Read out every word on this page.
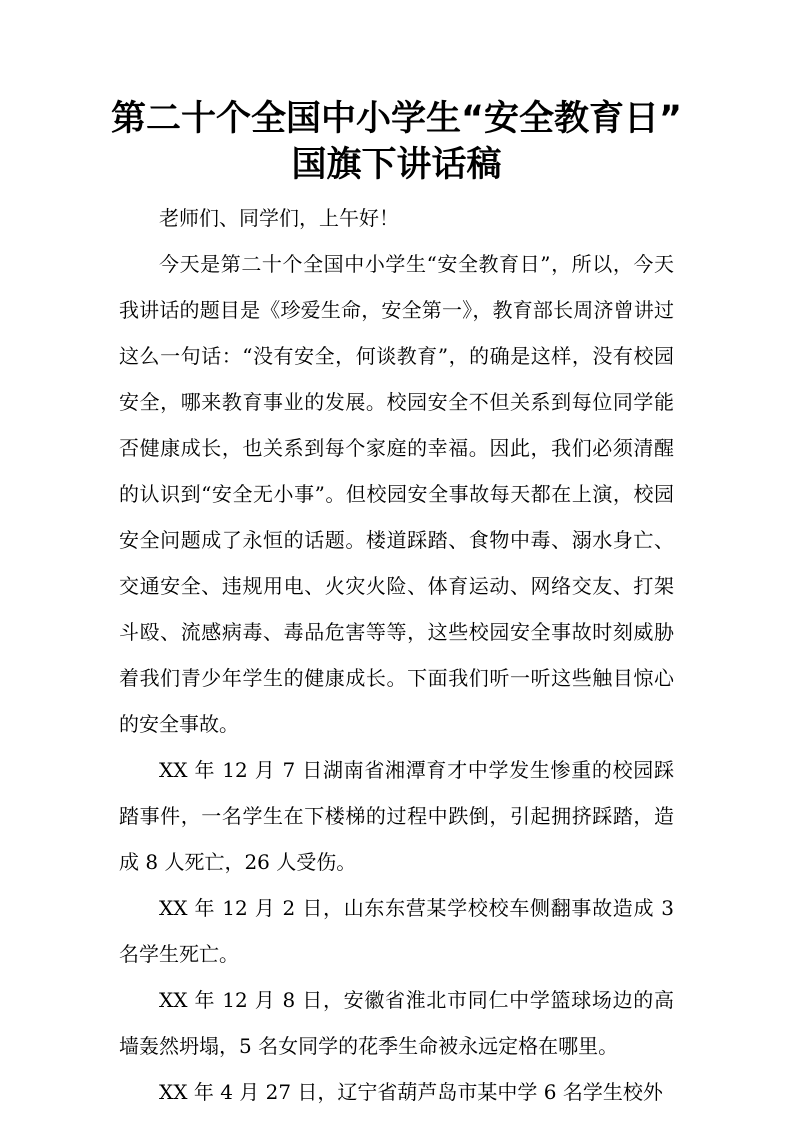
第二十个全国中小学生“安全教育日”
国旗下讲话稿

老师们、同学们，上午好！

今天是第二十个全国中小学生“安全教育日”，所以，今天我讲话的题目是《珍爱生命，安全第一》，教育部长周济曾讲过这么一句话：“没有安全，何谈教育”，的确是这样，没有校园安全，哪来教育事业的发展。校园安全不但关系到每位同学能否健康成长，也关系到每个家庭的幸福。因此，我们必须清醒的认识到“安全无小事”。但校园安全事故每天都在上演，校园安全问题成了永恒的话题。楼道踩踏、食物中毒、溺水身亡、交通安全、违规用电、火灾火险、体育运动、网络交友、打架斗殴、流感病毒、毒品危害等等，这些校园安全事故时刻威胁着我们青少年学生的健康成长。下面我们听一听这些触目惊心的安全事故。

XX 年 12 月 7 日湖南省湘潭育才中学发生惨重的校园踩踏事件，一名学生在下楼梯的过程中跌倒，引起拥挤踩踏，造成 8 人死亡，26 人受伤。

XX 年 12 月 2 日，山东东营某学校校车侧翻事故造成 3 名学生死亡。

XX 年 12 月 8 日，安徽省淮北市同仁中学篮球场边的高墙轰然坍塌，5 名女同学的花季生命被永远定格在哪里。

XX 年 4 月 27 日，辽宁省葫芦岛市某中学 6 名学生校外
